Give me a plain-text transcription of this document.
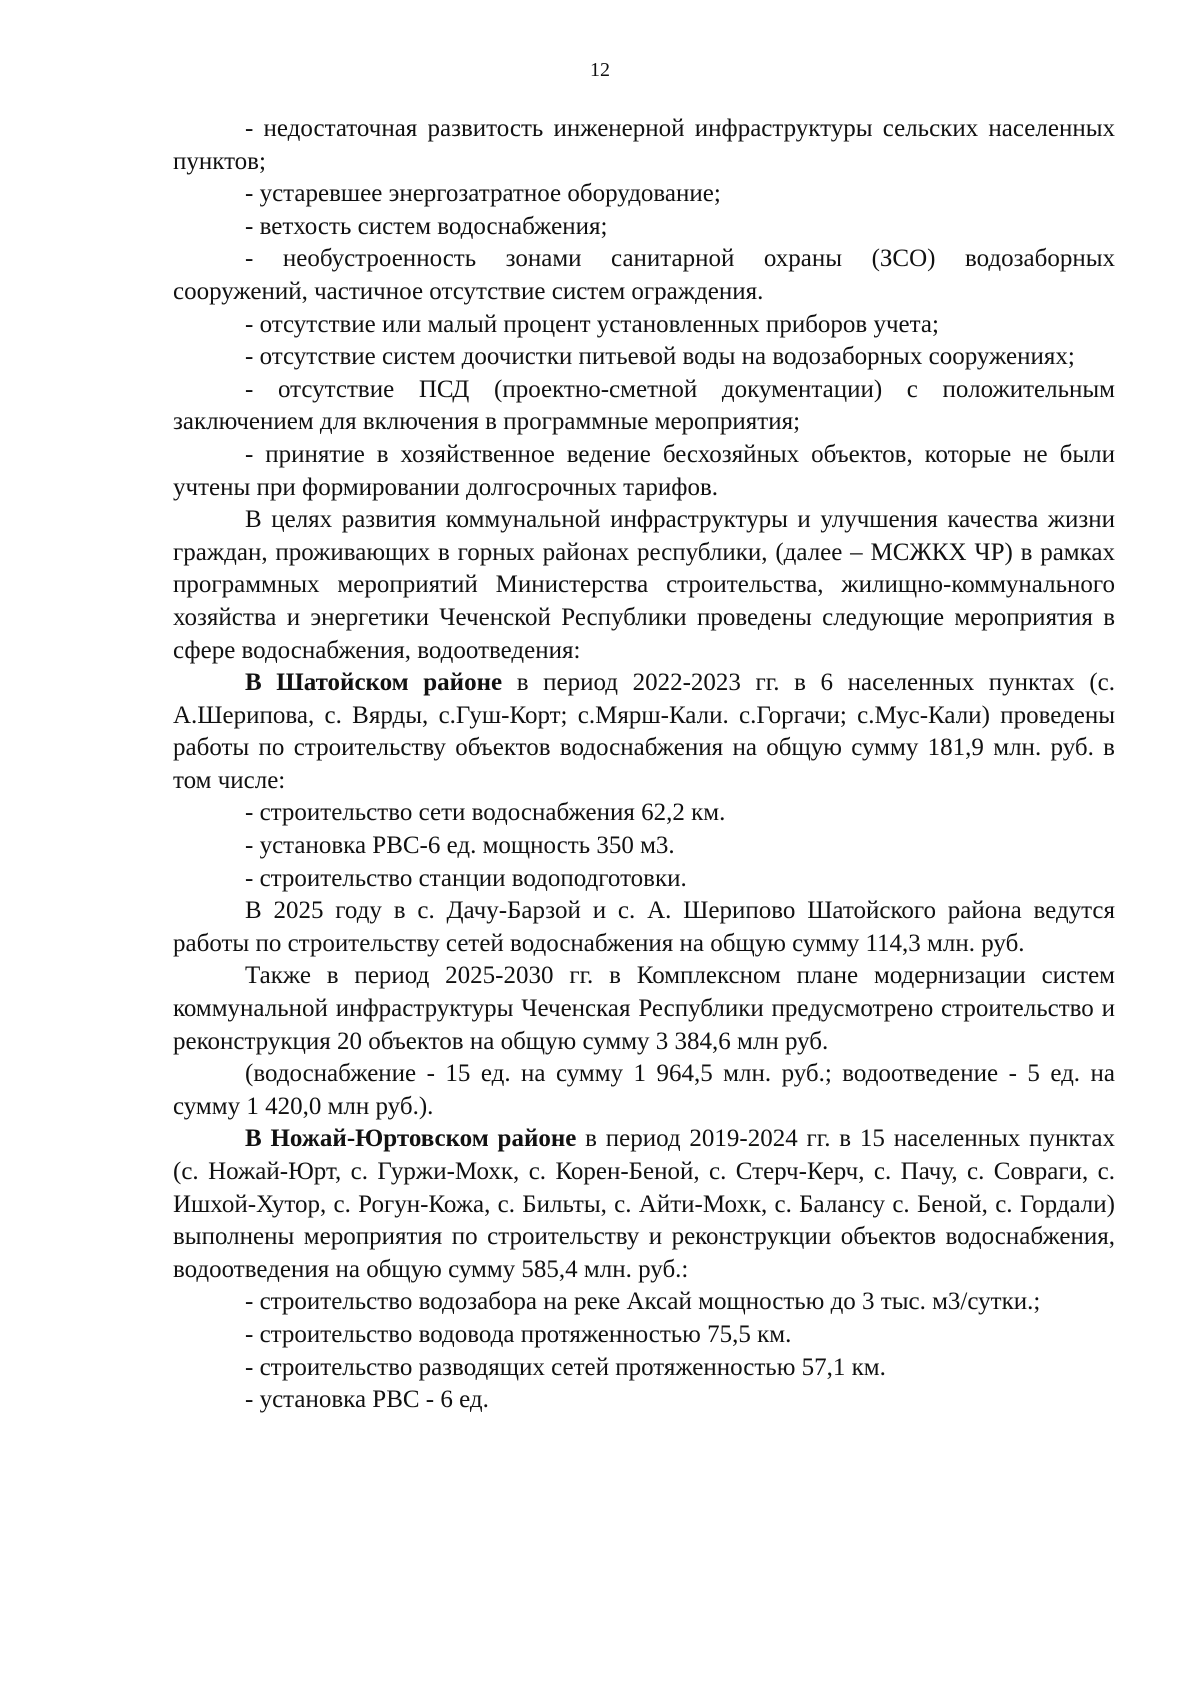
12

- недостаточная развитость инженерной инфраструктуры сельских населенных пунктов;

- устаревшее энергозатратное оборудование;

- ветхость систем водоснабжения;

- необустроенность зонами санитарной охраны (ЗСО) водозаборных сооружений, частичное отсутствие систем ограждения.

- отсутствие или малый процент установленных приборов учета;

- отсутствие систем доочистки питьевой воды на водозаборных сооружениях;

- отсутствие ПСД (проектно-сметной документации) с положительным заключением для включения в программные мероприятия;

- принятие в хозяйственное ведение бесхозяйных объектов, которые не были учтены при формировании долгосрочных тарифов.

В целях развития коммунальной инфраструктуры и улучшения качества жизни граждан, проживающих в горных районах республики, (далее – МСЖКХ ЧР) в рамках программных мероприятий Министерства строительства, жилищно-коммунального хозяйства и энергетики Чеченской Республики проведены следующие мероприятия в сфере водоснабжения, водоотведения:

В Шатойском районе в период 2022-2023 гг. в 6 населенных пунктах (с. А.Шерипова, с. Вярды, с.Гуш-Корт; с.Мярш-Кали. с.Горгачи; с.Мус-Кали) проведены работы по строительству объектов водоснабжения на общую сумму 181,9 млн. руб. в том числе:

- строительство сети водоснабжения 62,2 км.

- установка РВС-6 ед. мощность 350 м3.

- строительство станции водоподготовки.

В 2025 году в с. Дачу-Барзой и с. А. Шерипово Шатойского района ведутся работы по строительству сетей водоснабжения на общую сумму 114,3 млн. руб.

Также в период 2025-2030 гг. в Комплексном плане модернизации систем коммунальной инфраструктуры Чеченская Республики предусмотрено строительство и реконструкция 20 объектов на общую сумму 3 384,6 млн руб.

(водоснабжение - 15 ед. на сумму 1 964,5 млн. руб.; водоотведение - 5 ед. на сумму 1 420,0 млн руб.).

В Ножай-Юртовском районе в период 2019-2024 гг. в 15 населенных пунктах (с. Ножай-Юрт, с. Гуржи-Мохк, с. Корен-Беной, с. Стерч-Керч, с. Пачу, с. Совраги, с. Ишхой-Хутор, с. Рогун-Кожа, с. Бильты, с. Айти-Мохк, с. Балансу с. Беной, с. Гордали) выполнены мероприятия по строительству и реконструкции объектов водоснабжения, водоотведения на общую сумму 585,4 млн. руб.:

- строительство водозабора на реке Аксай мощностью до 3 тыс. м3/сутки.;

- строительство водовода протяженностью 75,5 км.

- строительство разводящих сетей протяженностью 57,1 км.

- установка РВС - 6 ед.
